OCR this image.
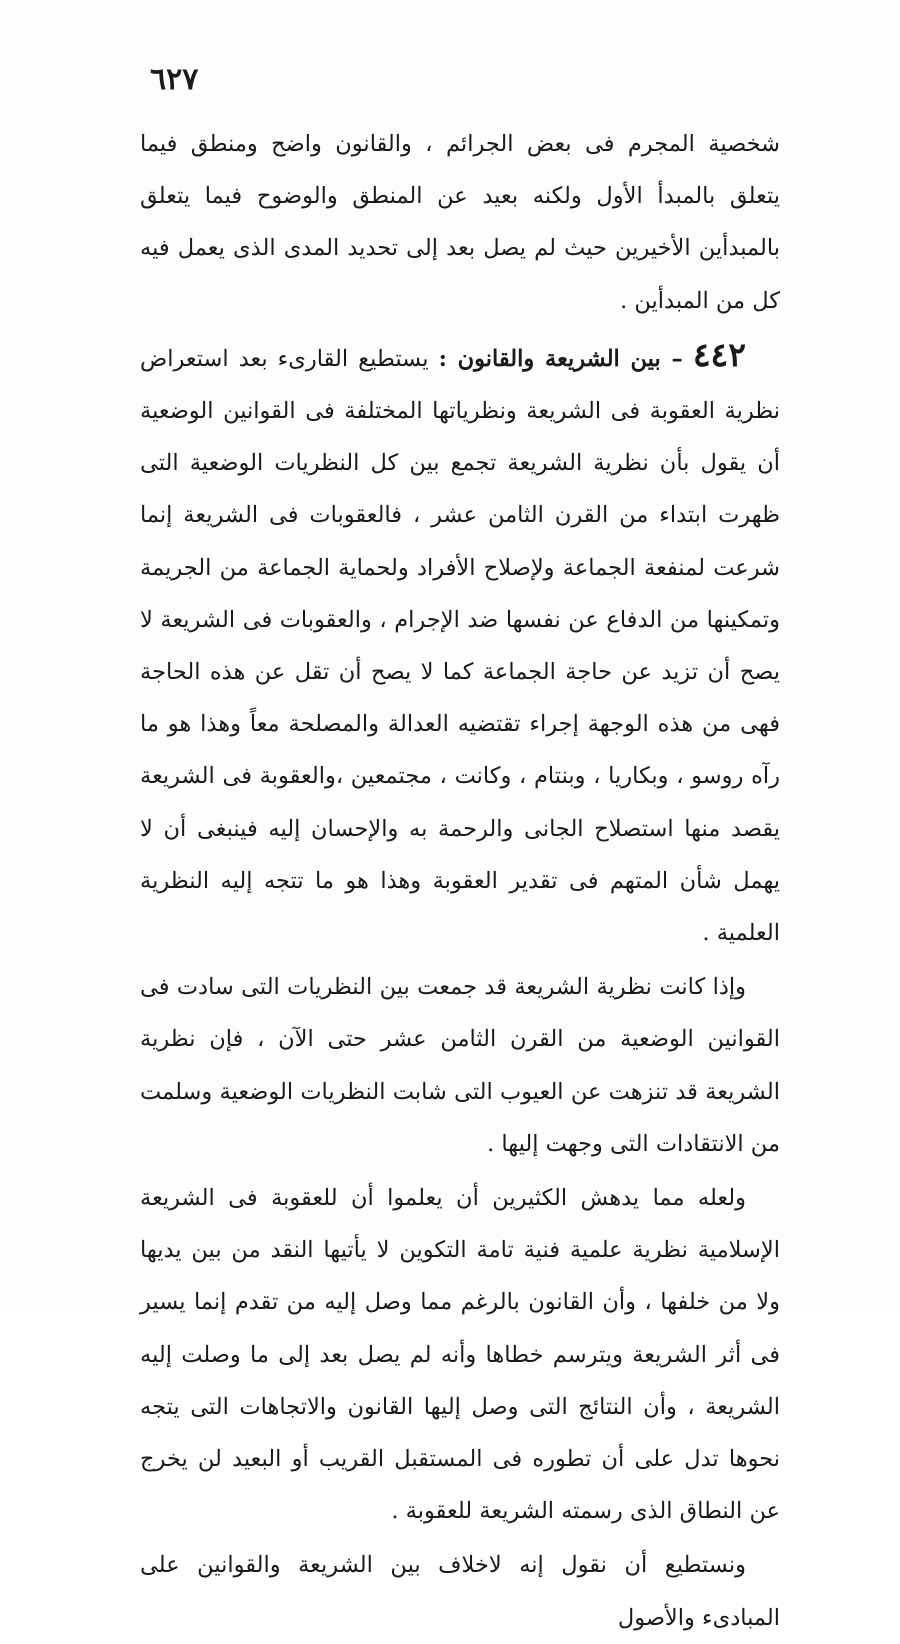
٦٢٧

شخصية المجرم فى بعض الجرائم ، والقانون واضح ومنطق فيما يتعلق بالمبدأ الأول ولكنه بعيد عن المنطق والوضوح فيما يتعلق بالمبدأين الأخيرين حيث لم يصل بعد إلى تحديد المدى الذى يعمل فيه كل من المبدأين .

٤٤٢ – بين الشريعة والقانون : يستطيع القارىء بعد استعراض نظرية العقوبة فى الشريعة ونظرياتها المختلفة فى القوانين الوضعية أن يقول بأن نظرية الشريعة تجمع بين كل النظريات الوضعية التى ظهرت ابتداء من القرن الثامن عشر ، فالعقوبات فى الشريعة إنما شرعت لمنفعة الجماعة ولإصلاح الأفراد ولحماية الجماعة من الجريمة وتمكينها من الدفاع عن نفسها ضد الإجرام ، والعقوبات فى الشريعة لا يصح أن تزيد عن حاجة الجماعة كما لا يصح أن تقل عن هذه الحاجة فهى من هذه الوجهة إجراء تقتضيه العدالة والمصلحة معاً وهذا هو ما رآه روسو ، وبكاريا ، وبنتام ، وكانت ، مجتمعين ،والعقوبة فى الشريعة يقصد منها استصلاح الجانى والرحمة به والإحسان إليه فينبغى أن لا يهمل شأن المتهم فى تقدير العقوبة وهذا هو ما تتجه إليه النظرية العلمية .

وإذا كانت نظرية الشريعة قد جمعت بين النظريات التى سادت فى القوانين الوضعية من القرن الثامن عشر حتى الآن ، فإن نظرية الشريعة قد تنزهت عن العيوب التى شابت النظريات الوضعية وسلمت من الانتقادات التى وجهت إليها .

ولعله مما يدهش الكثيرين أن يعلموا أن للعقوبة فى الشريعة الإسلامية نظرية علمية فنية تامة التكوين لا يأتيها النقد من بين يديها ولا من خلفها ، وأن القانون بالرغم مما وصل إليه من تقدم إنما يسير فى أثر الشريعة ويترسم خطاها وأنه لم يصل بعد إلى ما وصلت إليه الشريعة ، وأن النتائج التى وصل إليها القانون والاتجاهات التى يتجه نحوها تدل على أن تطوره فى المستقبل القريب أو البعيد لن يخرج عن النطاق الذى رسمته الشريعة للعقوبة .

ونستطيع أن نقول إنه لاخلاف بين الشريعة والقوانين على المبادىء والأصول
